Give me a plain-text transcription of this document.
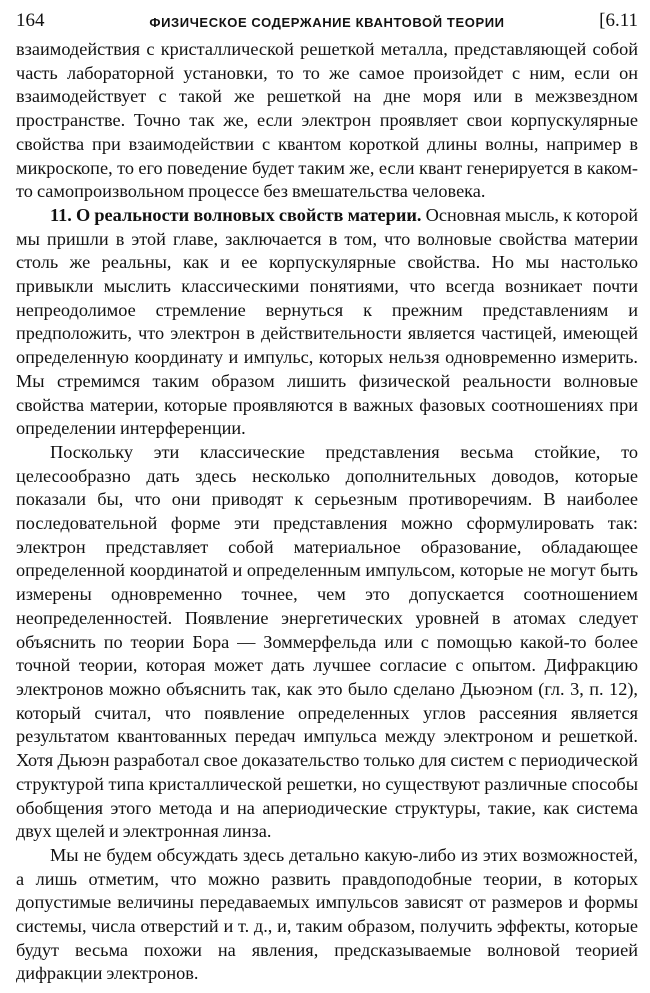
164	ФИЗИЧЕСКОЕ СОДЕРЖАНИЕ КВАНТОВОЙ ТЕОРИИ	[6.11

взаимодействия с кристаллической решеткой металла, представляющей собой часть лабораторной установки, то то же самое произойдет с ним, если он взаимодействует с такой же решеткой на дне моря или в межзвездном пространстве. Точно так же, если электрон проявляет свои корпускулярные свойства при взаимодействии с квантом короткой длины волны, например в микроскопе, то его поведение будет таким же, если квант генерируется в каком-то самопроизвольном процессе без вмешательства человека.

11. О реальности волновых свойств материи. Основная мысль, к которой мы пришли в этой главе, заключается в том, что волновые свойства материи столь же реальны, как и ее корпускулярные свойства. Но мы настолько привыкли мыслить классическими понятиями, что всегда возникает почти непреодолимое стремление вернуться к прежним представлениям и предположить, что электрон в действительности является частицей, имеющей определенную координату и импульс, которых нельзя одновременно измерить. Мы стремимся таким образом лишить физической реальности волновые свойства материи, которые проявляются в важных фазовых соотношениях при определении интерференции.

Поскольку эти классические представления весьма стойкие, то целесообразно дать здесь несколько дополнительных доводов, которые показали бы, что они приводят к серьезным противоречиям. В наиболее последовательной форме эти представления можно сформулировать так: электрон представляет собой материальное образование, обладающее определенной координатой и определенным импульсом, которые не могут быть измерены одновременно точнее, чем это допускается соотношением неопределенностей. Появление энергетических уровней в атомах следует объяснить по теории Бора — Зоммерфельда или с помощью какой-то более точной теории, которая может дать лучшее согласие с опытом. Дифракцию электронов можно объяснить так, как это было сделано Дьюэном (гл. 3, п. 12), который считал, что появление определенных углов рассеяния является результатом квантованных передач импульса между электроном и решеткой. Хотя Дьюэн разработал свое доказательство только для систем с периодической структурой типа кристаллической решетки, но существуют различные способы обобщения этого метода и на апериодические структуры, такие, как система двух щелей и электронная линза.

Мы не будем обсуждать здесь детально какую-либо из этих возможностей, а лишь отметим, что можно развить правдоподобные теории, в которых допустимые величины передаваемых импульсов зависят от размеров и формы системы, числа отверстий и т. д., и, таким образом, получить эффекты, которые будут весьма похожи на явления, предсказываемые волновой теорией дифракции электронов.
